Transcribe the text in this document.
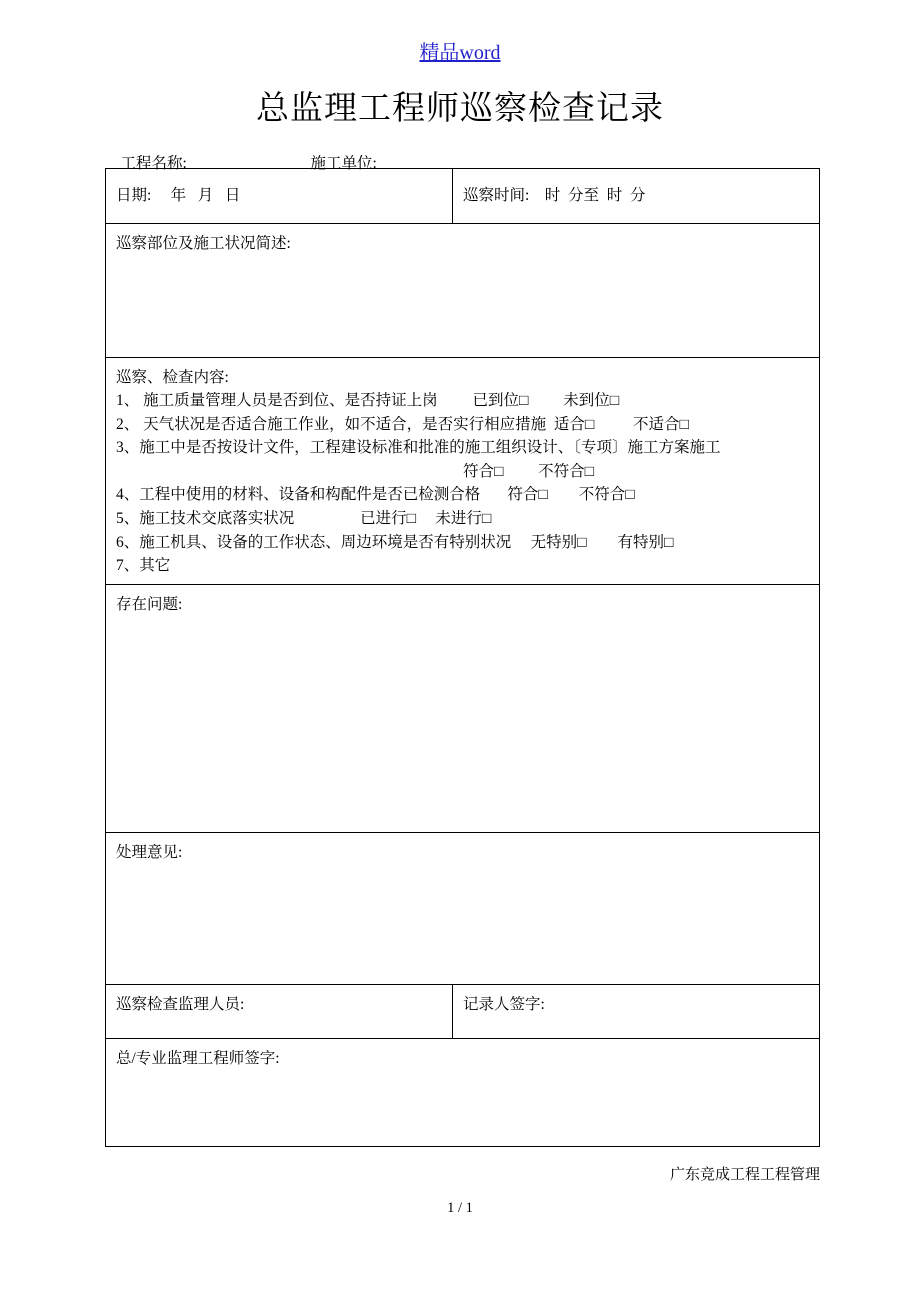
精品word
总监理工程师巡察检查记录

工程名称:	施工单位:

日期:     年   月   日	巡察时间:    时  分至  时  分

巡察部位及施工状况简述:	

巡察、检查内容:
1、 施工质量管理人员是否到位、是否持证上岗         已到位□         未到位□
2、 天气状况是否适合施工作业，如不适合，是否实行相应措施  适合□          不适合□
3、施工中是否按设计文件，工程建设标准和批准的施工组织设计、〔专项〕施工方案施工
符合□         不符合□
4、工程中使用的材料、设备和构配件是否已检测合格       符合□        不符合□
5、施工技术交底落实状况                 已进行□     未进行□
6、施工机具、设备的工作状态、周边环境是否有特别状况     无特别□        有特别□
7、其它

存在问题:	

处理意见:	

巡察检查监理人员:	记录人签字:

总/专业监理工程师签字:	
广东竞成工程工程管理
1 / 1
